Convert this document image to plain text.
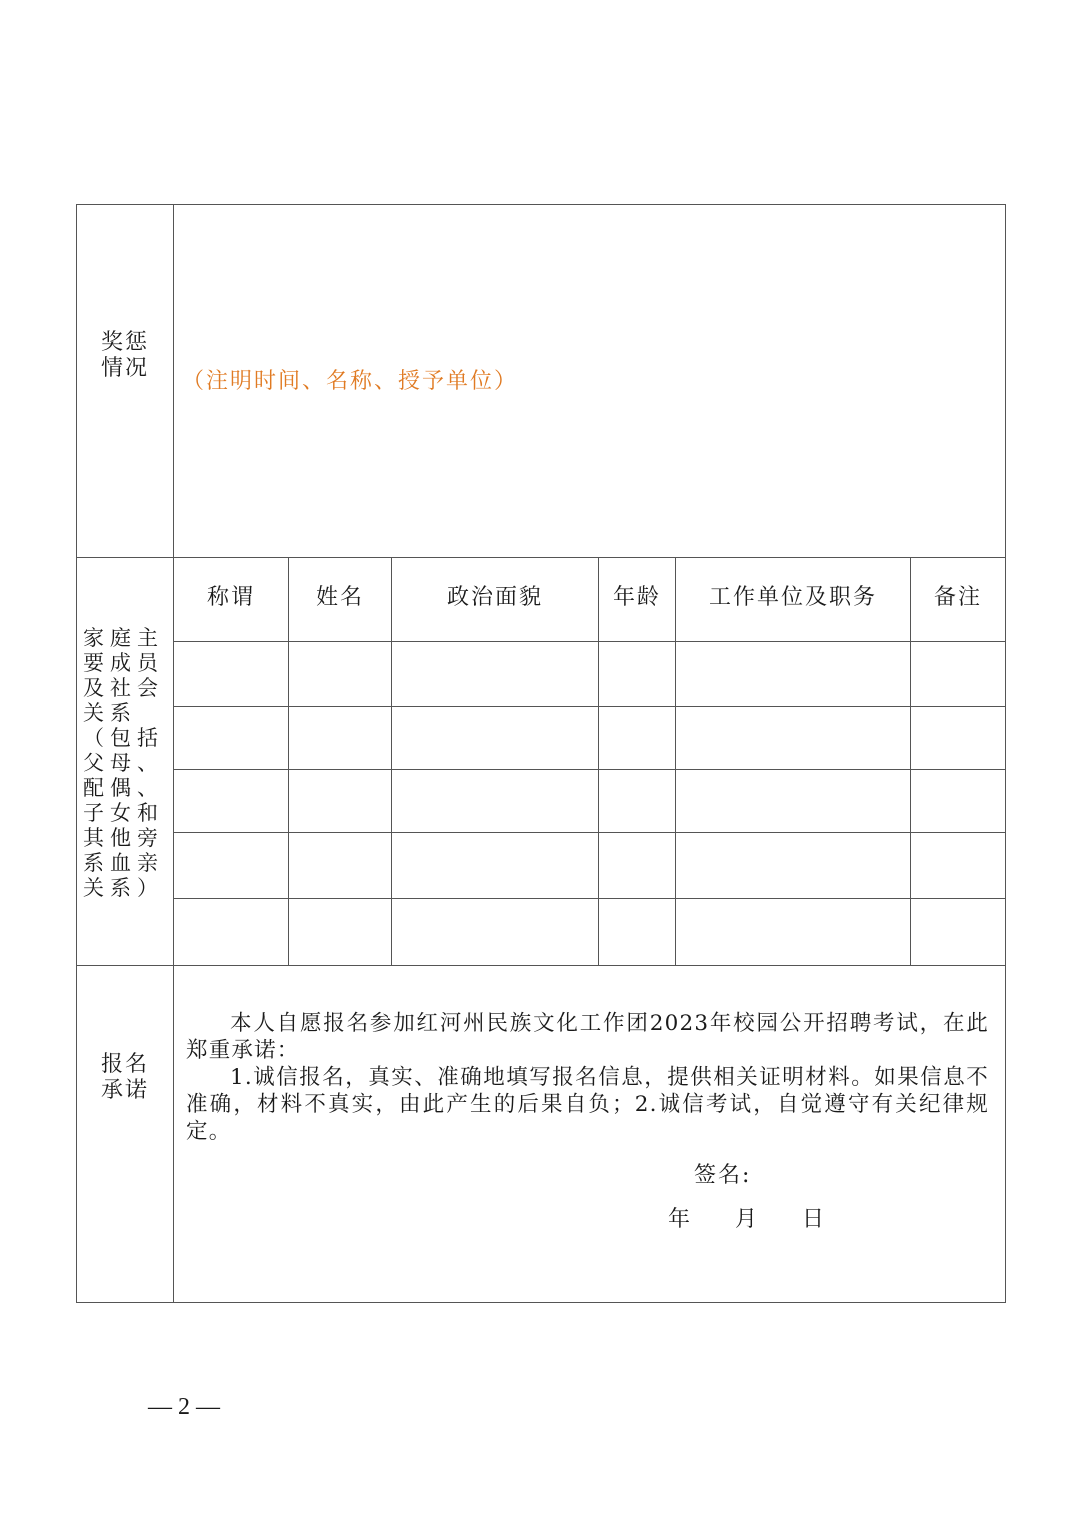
奖惩情况	（注明时间、名称、授予单位）					

家庭主要成员及社会关系（包括父母、配偶、子女和其他旁系血亲关系）	称谓	姓名	政治面貌	年龄	工作单位及职务	备注

报名承诺	本人自愿报名参加红河州民族文化工作团2023年校园公开招聘考试，在此郑重承诺：

1.诚信报名，真实、准确地填写报名信息，提供相关证明材料。如果信息不准确，材料不真实，由此产生的后果自负；2.诚信考试，自觉遵守有关纪律规定。

签名:
年 月 日					
— 2 —
